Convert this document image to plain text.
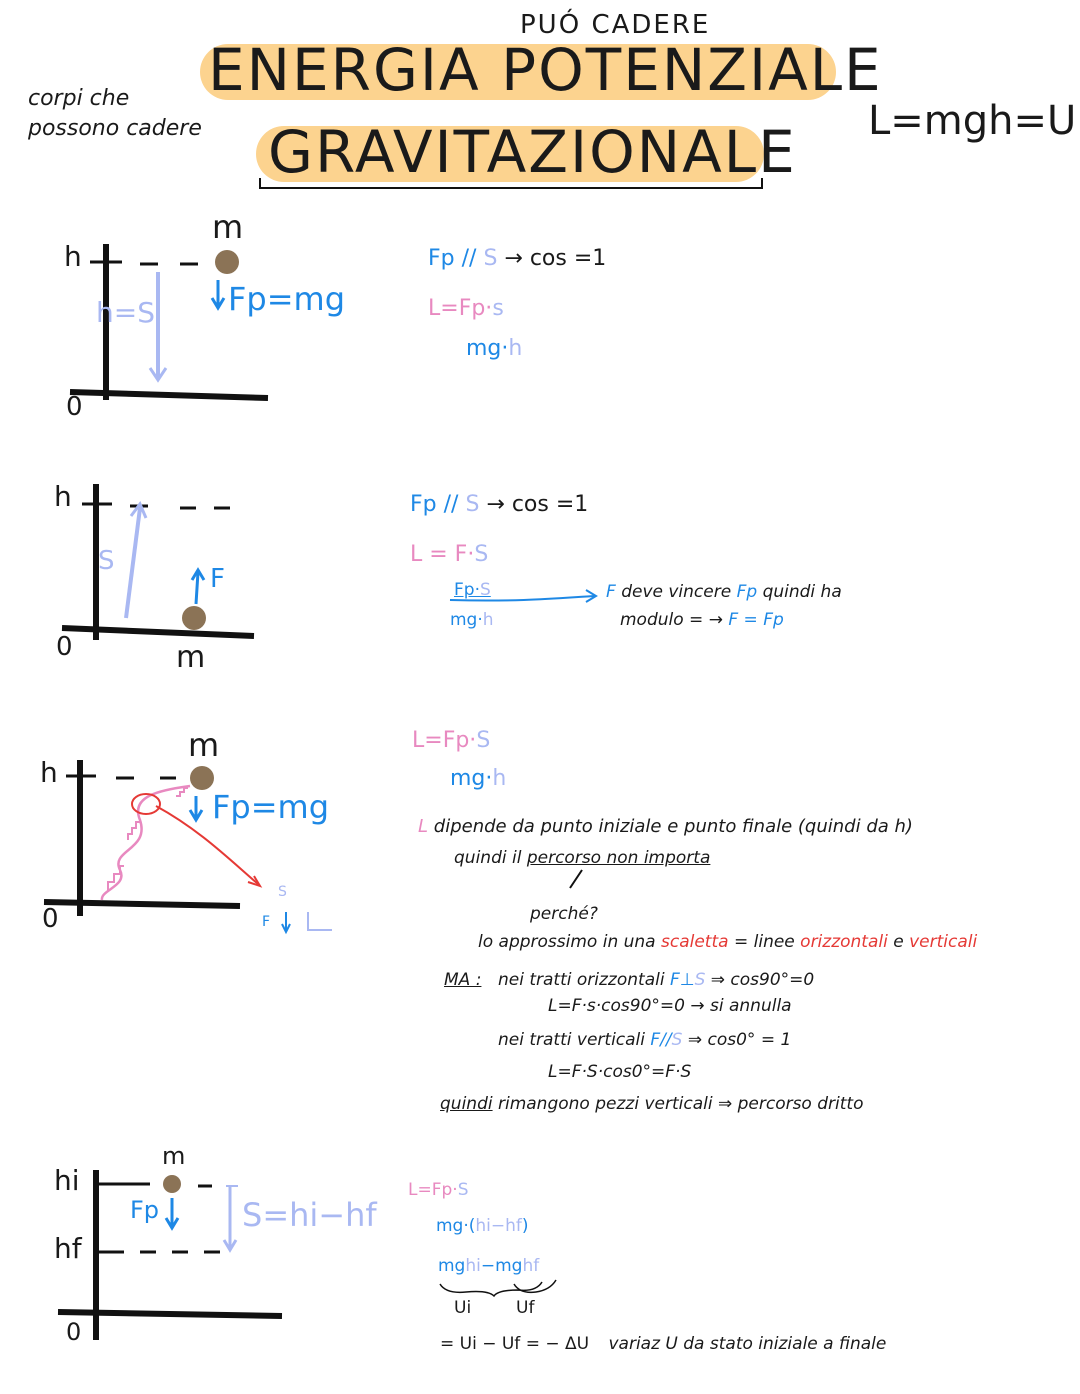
PUÓ CADERE
ENERGIA POTENZIALE
GRAVITAZIONALE
corpi che
possono cadere	L=mgh=U
h
0
m
h=S Fp=mg
Fp // S → cos =1
L=Fp·s
mg·h
h
0	m
S
F
Fp // S → cos =1
L = F·S
Fp·S
mg·h
F deve vincere Fp quindi ha
modulo = → F = Fp
h
0
m
Fp=mg
S
F
L=Fp·S
mg·h
L dipende da punto iniziale e punto finale (quindi da h)
quindi il percorso non importa
perché?
lo approssimo in una scaletta = linee orizzontali e verticali
MA : nei tratti orizzontali F⊥S ⇒ cos90°=0
L=F·s·cos90°=0 → si annulla
nei tratti verticali F//S ⇒ cos0° = 1
L=F·S·cos0°=F·S
quindi rimangono pezzi verticali ⇒ percorso dritto
hi
hf
0
m
Fp	S=hi−hf
L=Fp·S
mg·(hi−hf)
mghi−mghf
Ui	Uf
= Ui − Uf = − ΔU variaz U da stato iniziale a finale
